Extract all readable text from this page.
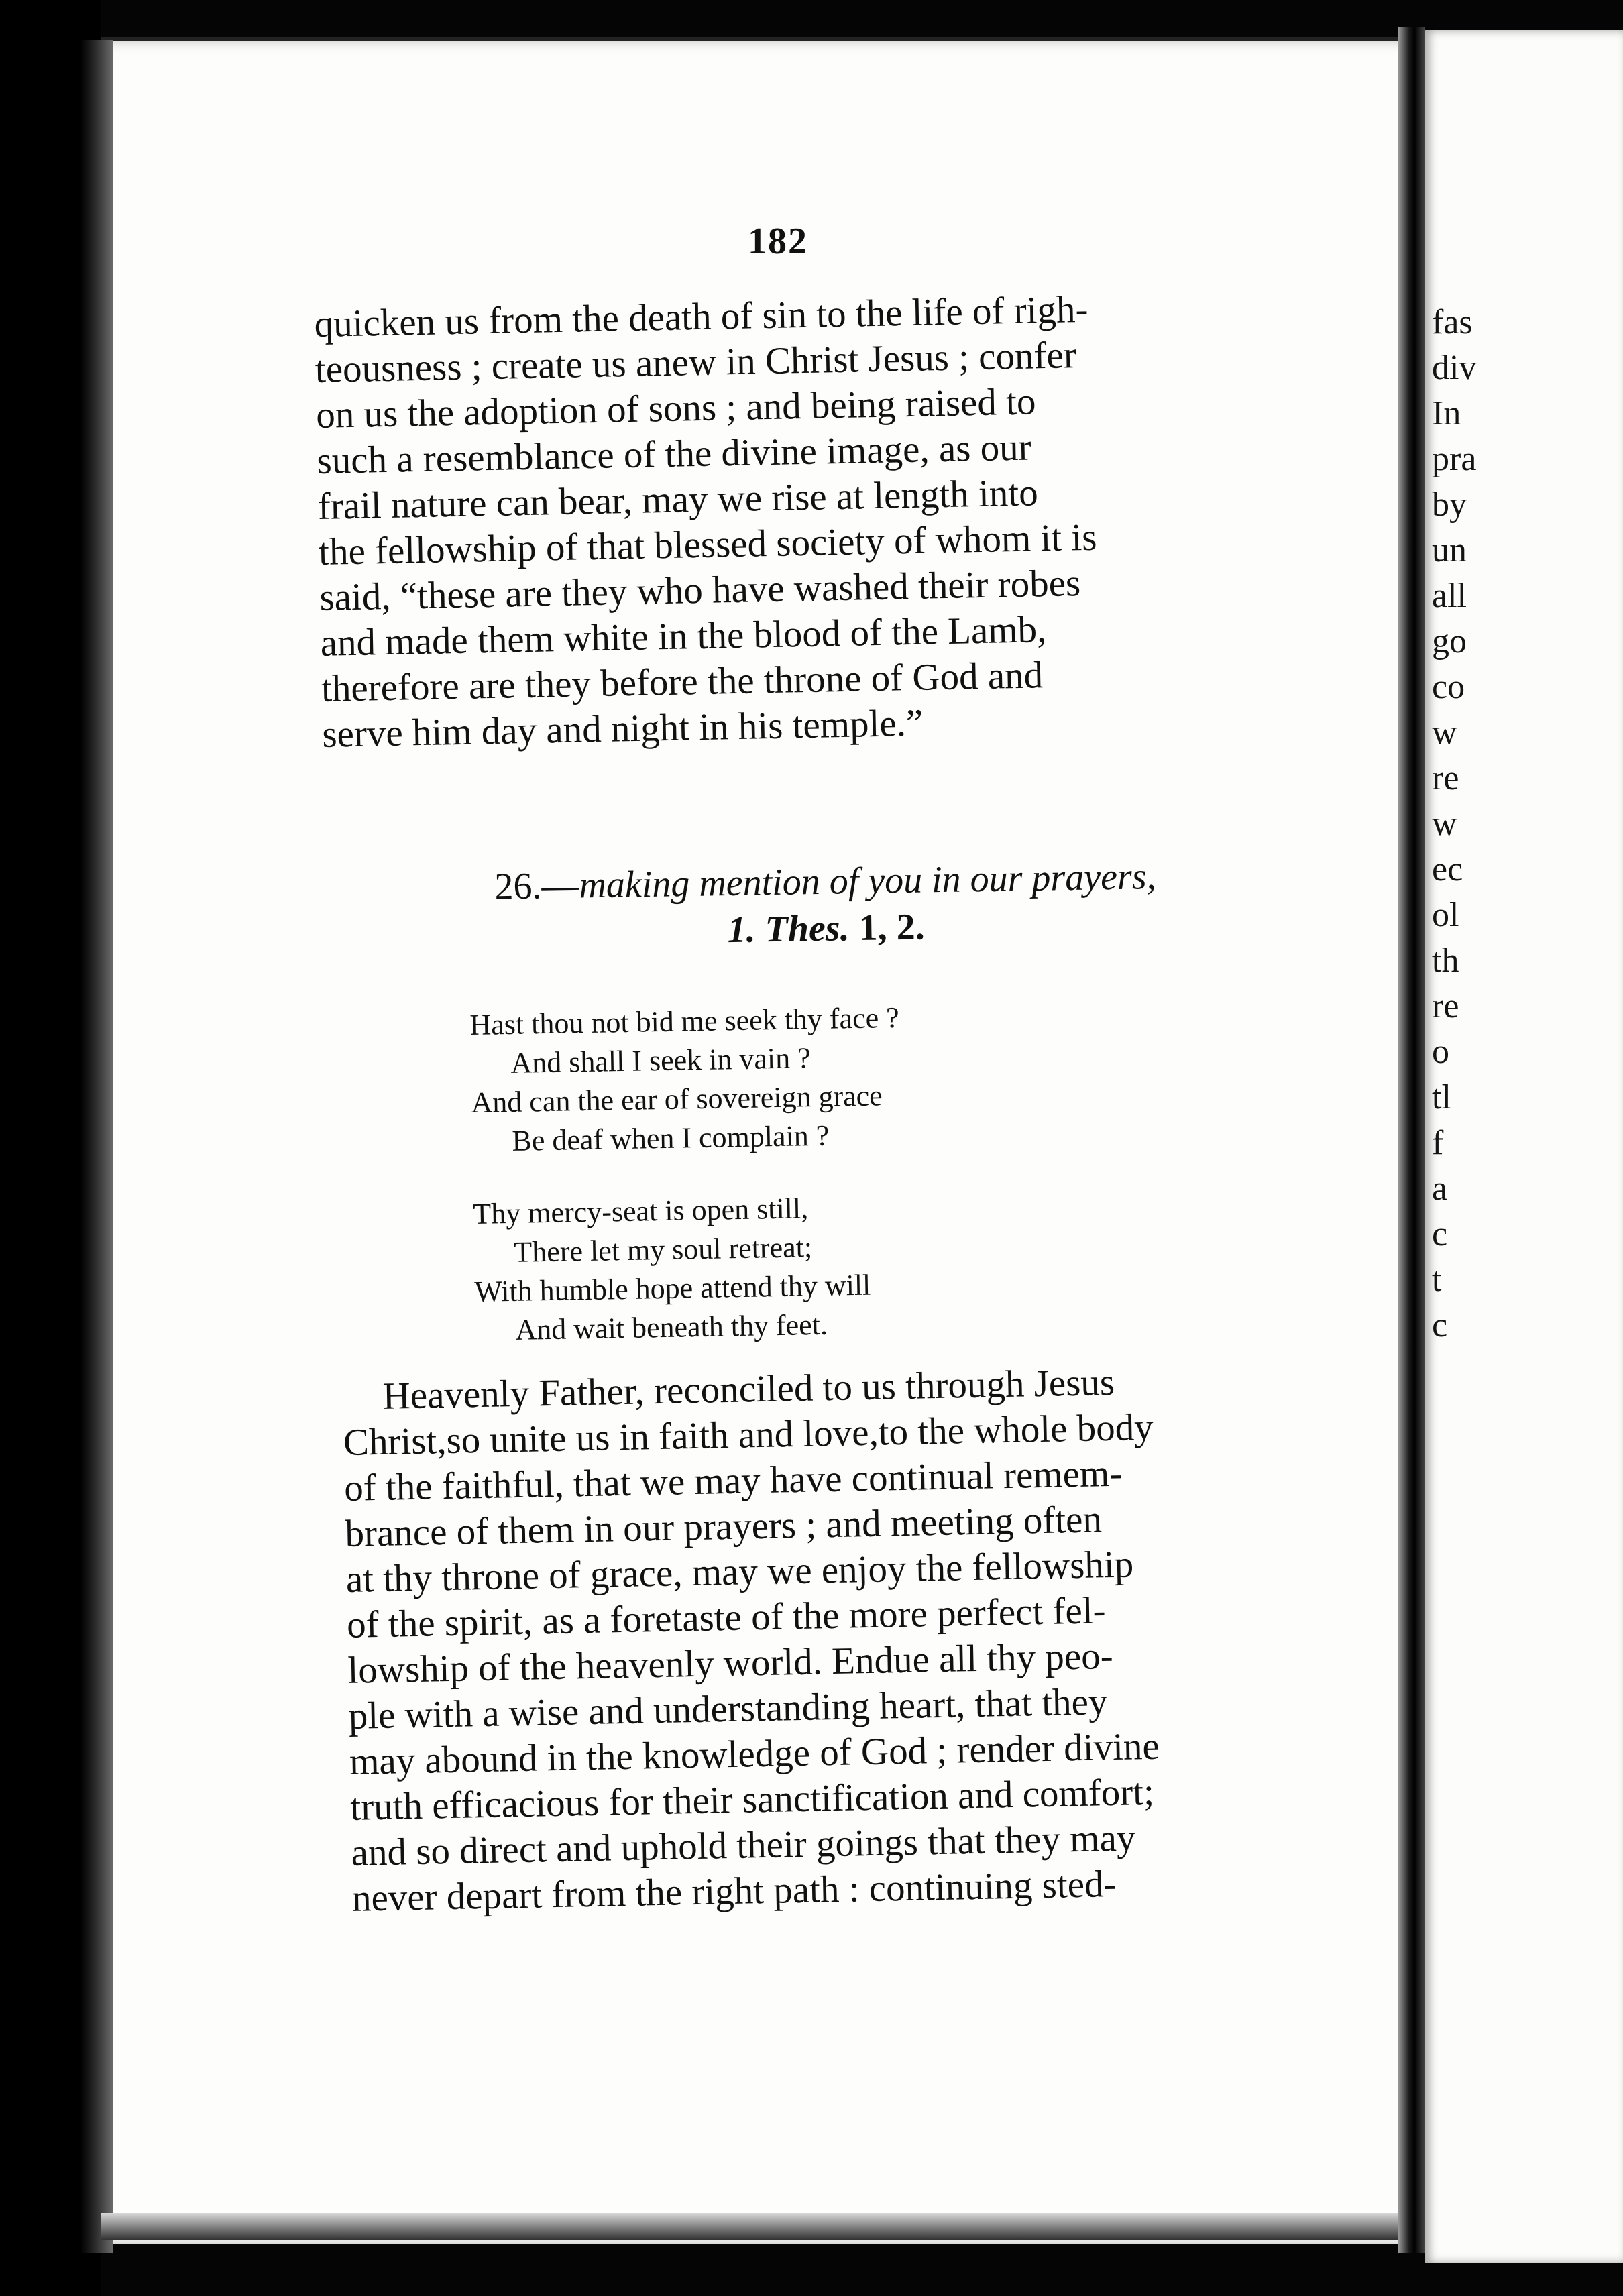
182
quicken us from the death of sin to the life of righ-
teousness ; create us anew in Christ Jesus ; confer
on us the adoption of sons ; and being raised to
such a resemblance of the divine image, as our
frail nature can bear, may we rise at length into
the fellowship of that blessed society of whom it is
said, “these are they who have washed their robes
and made them white in the blood of the Lamb,
therefore are they before the throne of God and
serve him day and night in his temple.”
26.—making mention of you in our prayers,
1. Thes. 1, 2.
Hast thou not bid me seek thy face ?
And shall I seek in vain ?
And can the ear of sovereign grace
Be deaf when I complain ?
Thy mercy-seat is open still,
There let my soul retreat;
With humble hope attend thy will
And wait beneath thy feet.
Heavenly Father, reconciled to us through Jesus
Christ,so unite us in faith and love,to the whole body
of the faithful, that we may have continual remem-
brance of them in our prayers ; and meeting often
at thy throne of grace, may we enjoy the fellowship
of the spirit, as a foretaste of the more perfect fel-
lowship of the heavenly world. Endue all thy peo-
ple with a wise and understanding heart, that they
may abound in the knowledge of God ; render divine
truth efficacious for their sanctification and comfort;
and so direct and uphold their goings that they may
never depart from the right path : continuing sted-
fas
div
In
pra
by
un
all
go
co
w
re
w
ec
ol
th
re
o
tl
f
a
c
t
c
